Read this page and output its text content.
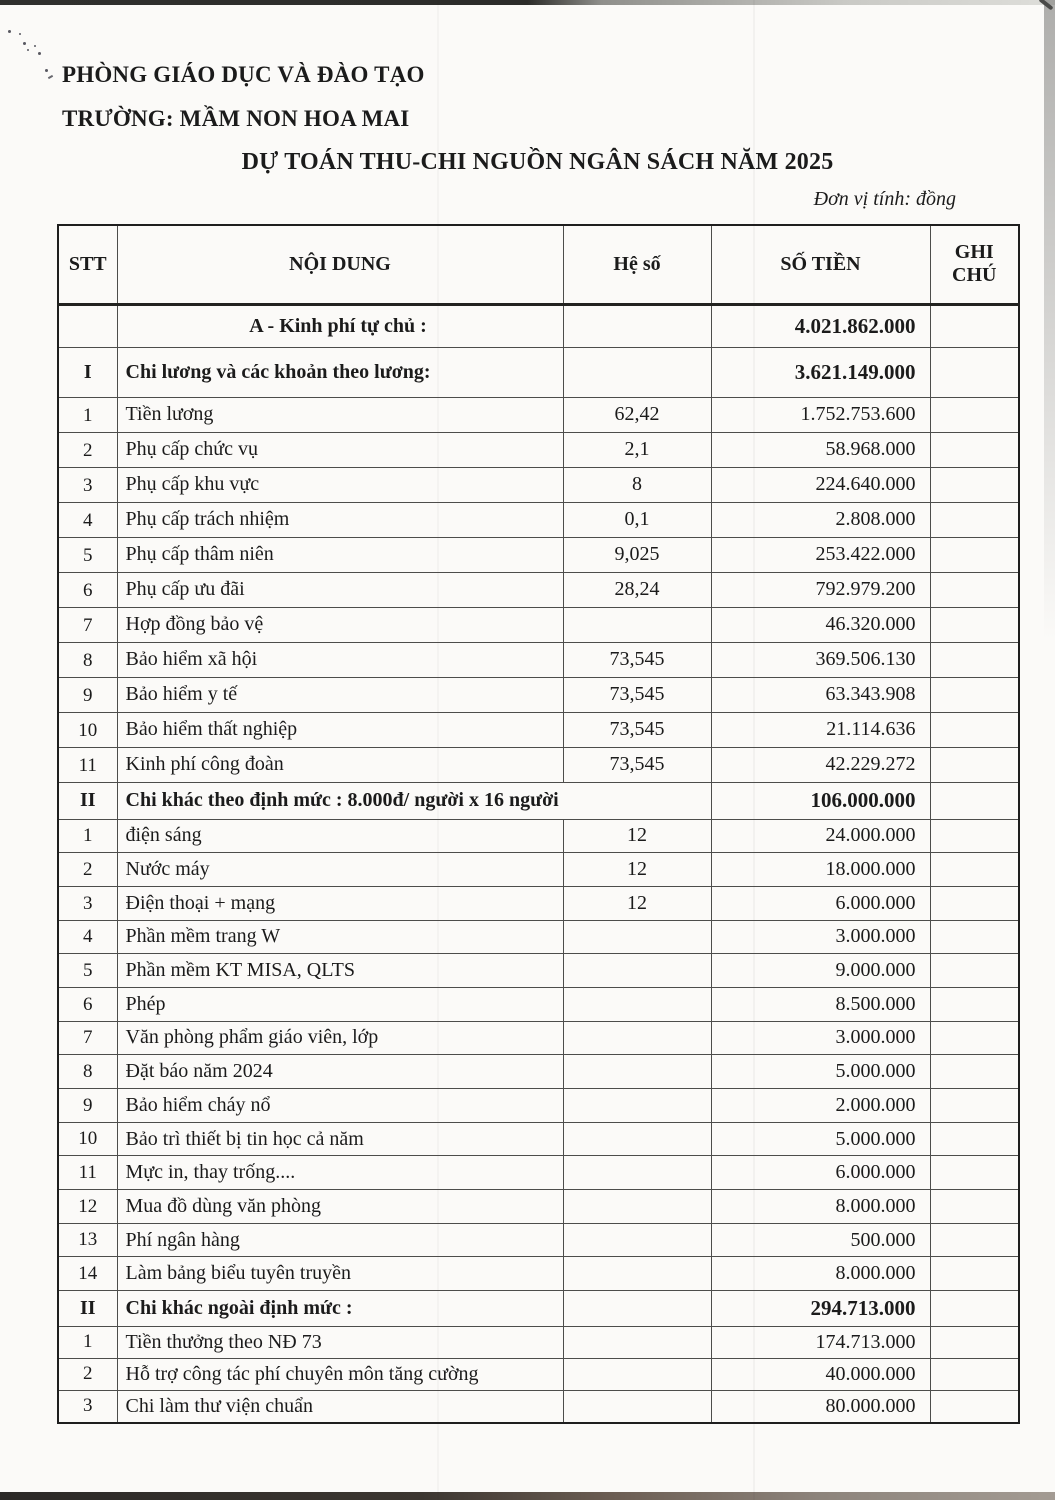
PHÒNG GIÁO DỤC VÀ ĐÀO TẠO
TRƯỜNG: MẦM NON HOA MAI
DỰ TOÁN THU-CHI NGUỒN NGÂN SÁCH NĂM 2025
Đơn vị tính: đồng
STT	NỘI DUNG	Hệ số	SỐ TIỀN	GHI CHÚ
	A - Kinh phí tự chủ :		4.021.862.000	
I	Chi lương và các khoản theo lương:		3.621.149.000	
1	Tiền lương	62,42	1.752.753.600	
2	Phụ cấp chức vụ	2,1	58.968.000	
3	Phụ cấp khu vực	8	224.640.000	
4	Phụ cấp trách nhiệm	0,1	2.808.000	
5	Phụ cấp thâm niên	9,025	253.422.000	
6	Phụ cấp ưu đãi	28,24	792.979.200	
7	Hợp đồng bảo vệ		46.320.000	
8	Bảo hiểm xã hội	73,545	369.506.130	
9	Bảo hiểm y tế	73,545	63.343.908	
10	Bảo hiểm thất nghiệp	73,545	21.114.636	
11	Kinh phí công đoàn	73,545	42.229.272	
II	Chi khác theo định mức : 8.000đ/ người x 16 người		106.000.000	
1	điện sáng	12	24.000.000	
2	Nước máy	12	18.000.000	
3	Điện thoại + mạng	12	6.000.000	
4	Phần mềm trang W		3.000.000	
5	Phần mềm KT MISA, QLTS		9.000.000	
6	Phép		8.500.000	
7	Văn phòng phẩm giáo viên, lớp		3.000.000	
8	Đặt báo năm 2024		5.000.000	
9	Bảo hiểm cháy nổ		2.000.000	
10	Bảo trì thiết bị tin học cả năm		5.000.000	
11	Mực in, thay trống....		6.000.000	
12	Mua đồ dùng văn phòng		8.000.000	
13	Phí ngân hàng		500.000	
14	Làm bảng biểu tuyên truyền		8.000.000	
II	Chi khác ngoài định mức :		294.713.000	
1	Tiền thưởng theo NĐ 73		174.713.000	
2	Hỗ trợ công tác phí chuyên môn tăng cường		40.000.000	
3	Chi làm thư viện chuẩn		80.000.000	
